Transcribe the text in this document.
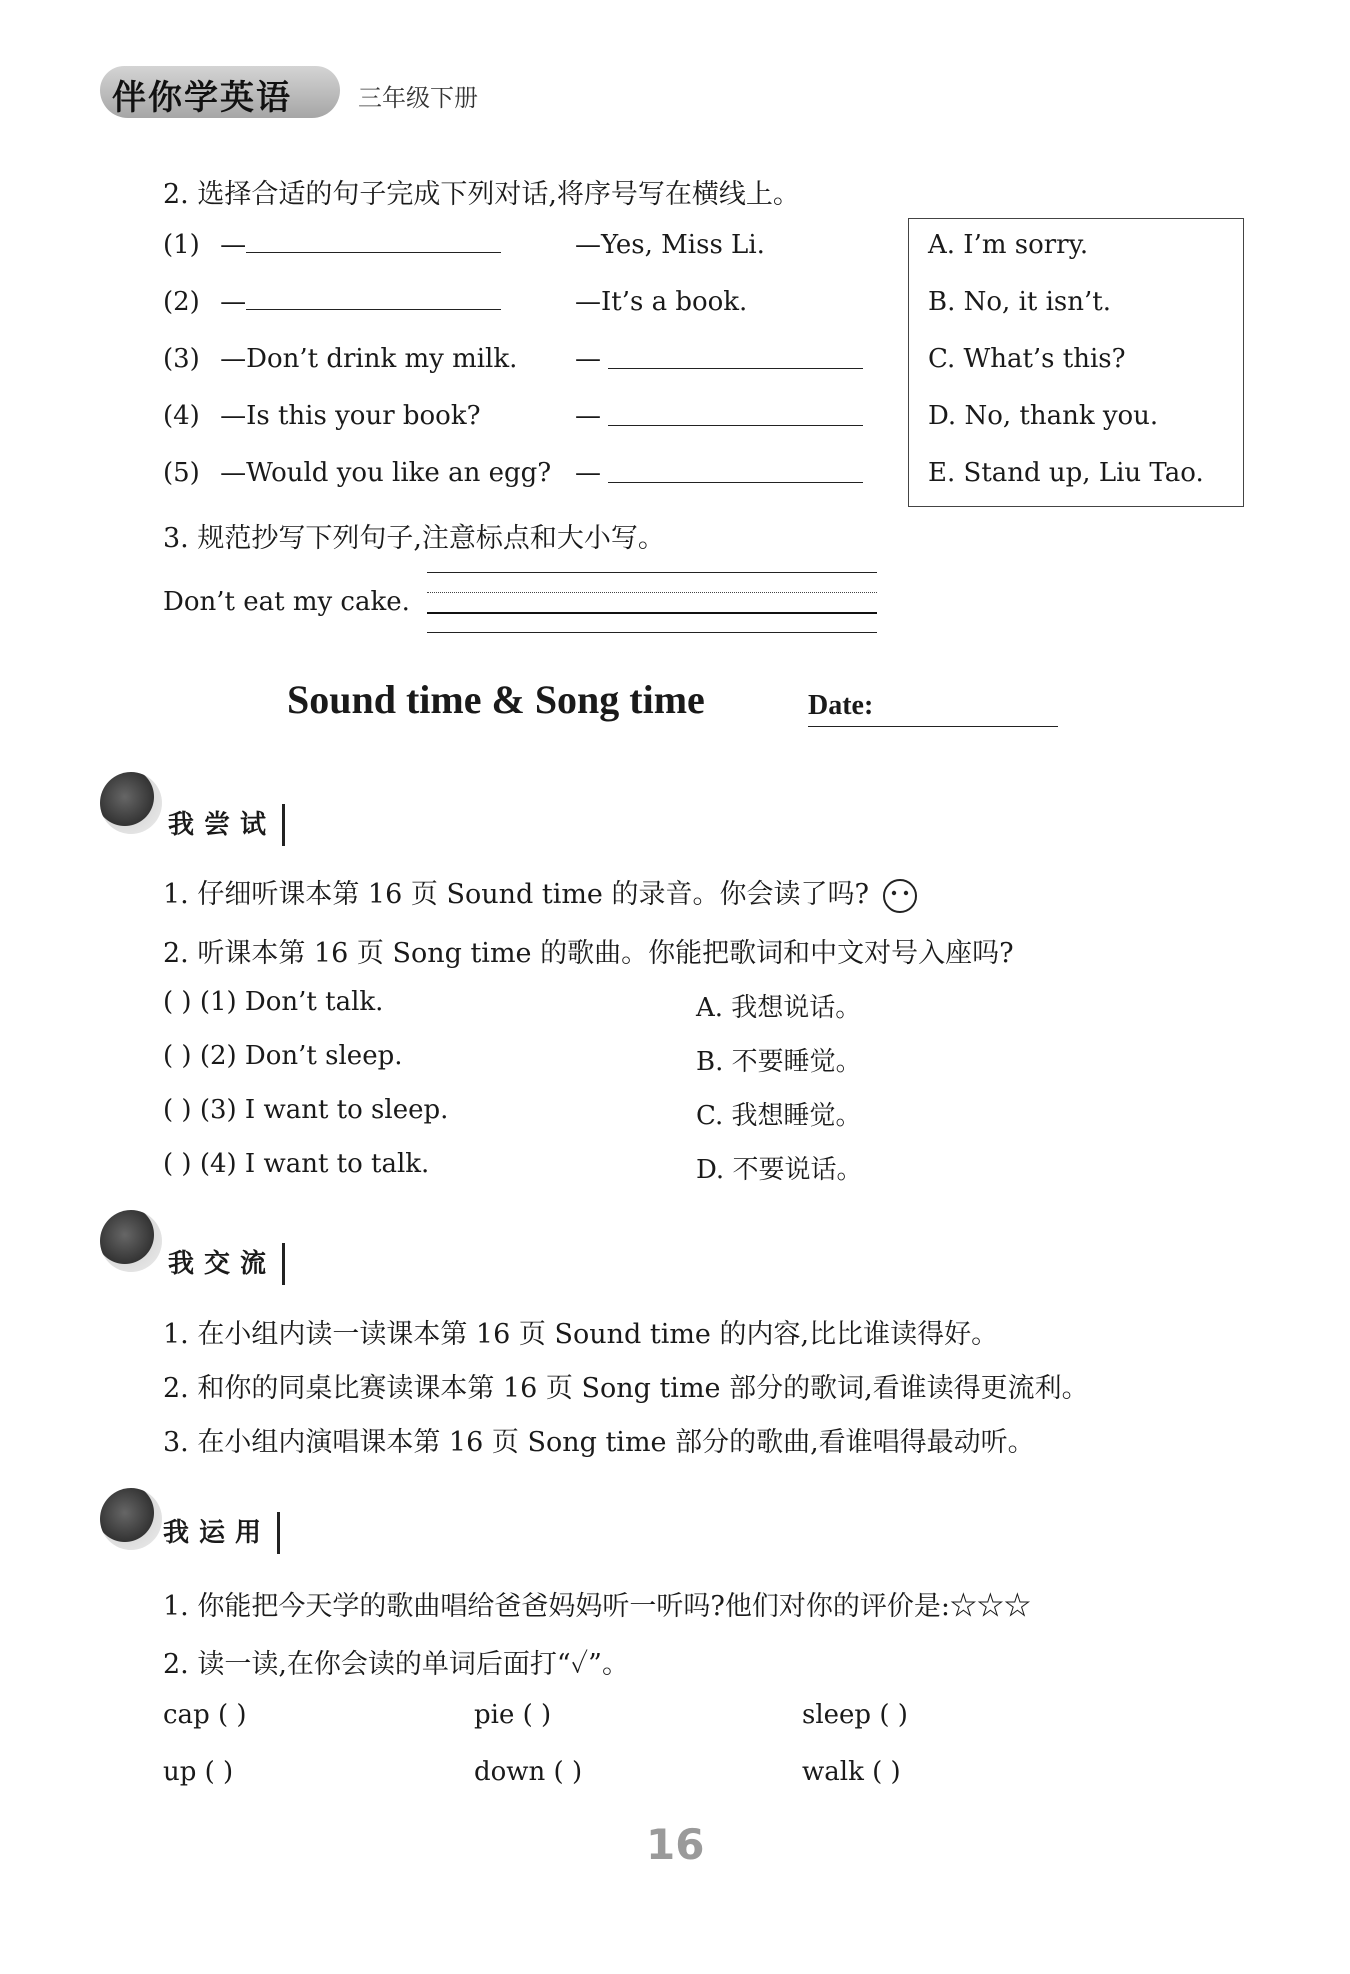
伴你学英语	三年级下册
2. 选择合适的句子完成下列对话,将序号写在横线上。
(1) —	—Yes, Miss Li.
(2) —	—It’s a book.
(3) —Don’t drink my milk. —
(4) —Is this your book?	—
(5) —Would you like an egg? —
A. I’m sorry.
B. No, it isn’t.
C. What’s this?
D. No, thank you.
E. Stand up, Liu Tao.
3. 规范抄写下列句子,注意标点和大小写。
Don’t eat my cake.
Sound time & Song time	Date:
我尝试
1. 仔细听课本第 16 页 Sound time 的录音。你会读了吗?
2. 听课本第 16 页 Song time 的歌曲。你能把歌词和中文对号入座吗?
( ) (1) Don’t talk.	A. 我想说话。
( ) (2) Don’t sleep.	B. 不要睡觉。
( ) (3) I want to sleep.	C. 我想睡觉。
( ) (4) I want to talk.	D. 不要说话。
我交流
1. 在小组内读一读课本第 16 页 Sound time 的内容,比比谁读得好。
2. 和你的同桌比赛读课本第 16 页 Song time 部分的歌词,看谁读得更流利。
3. 在小组内演唱课本第 16 页 Song time 部分的歌曲,看谁唱得最动听。
我运用
1. 你能把今天学的歌曲唱给爸爸妈妈听一听吗?他们对你的评价是:☆☆☆
2. 读一读,在你会读的单词后面打“✓”。
cap ( )	pie ( )	sleep ( )
up ( )	down ( )	walk ( )
16
